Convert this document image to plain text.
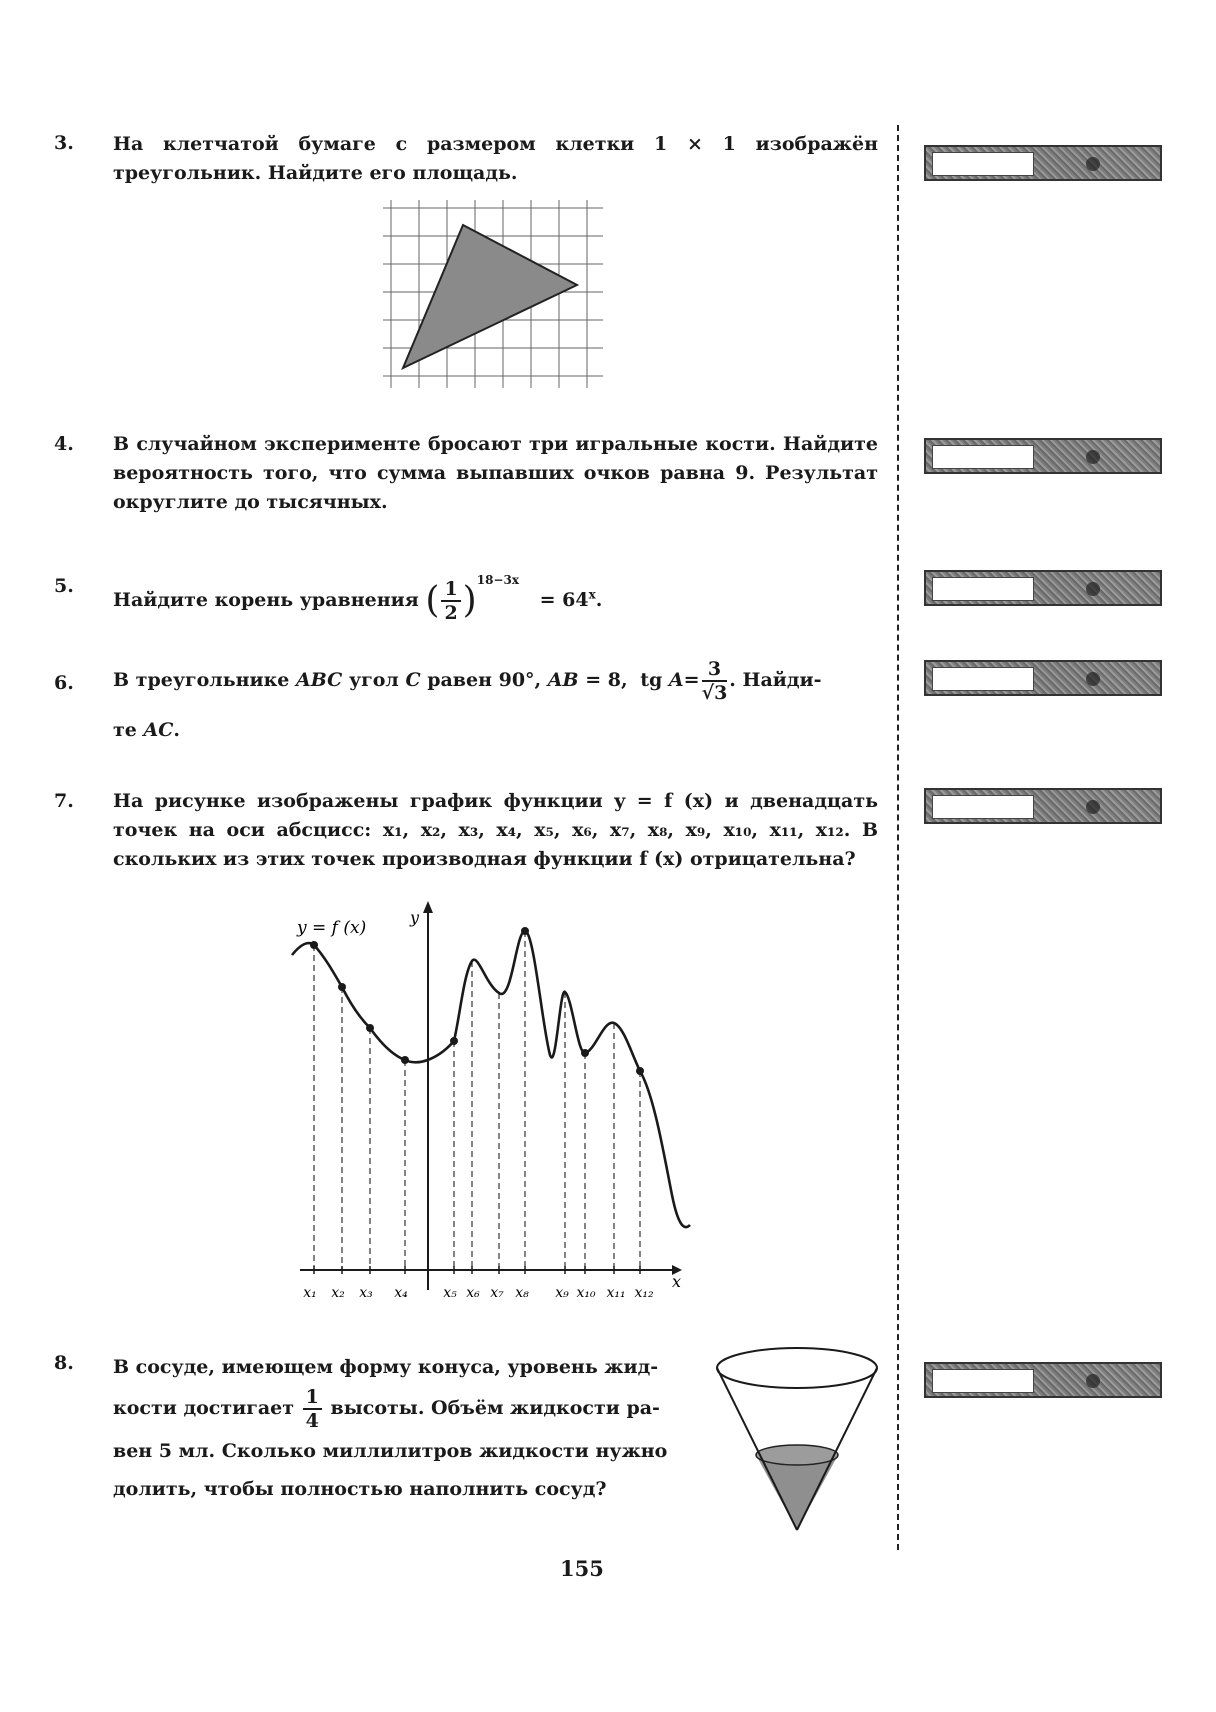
3. На клетчатой бумаге с размером клетки 1 × 1 изображён треугольник. Найдите его площадь.
4. В случайном эксперименте бросают три игральные кости. Найдите вероятность того, что сумма выпавших очков равна 9. Результат округлите до тысячных.
5.
Найдите корень уравнения ( $\frac{1}{2} )^{18-3x} = 64^x$.
6. В треугольнике ABC угол C равен 90°, AB = 8, tg $A= \frac{3}{√3}$ . Найди-
те AC.
7. На рисунке изображены график функции y = f (x) и двенадцать точек на оси абсцисс: x₁, x₂, x₃, x₄, x₅, x₆, x₇, x₈, x₉, x₁₀, x₁₁, x₁₂. В скольких из этих точек производная функции f (x) отрицательна?
y
x
y = f (x)
x₁ x₂ x₃ x₄	x₅ x₆ x₇ x₈ x₉ x₁₀ x₁₁ x₁₂
8. В сосуде, имеющем форму конуса, уровень жид-
кости достигает $\frac{1}{4}$ высоты. Объём жидкости ра-
вен 5 мл. Сколько миллилитров жидкости нужно
долить, чтобы полностью наполнить сосуд?
155
